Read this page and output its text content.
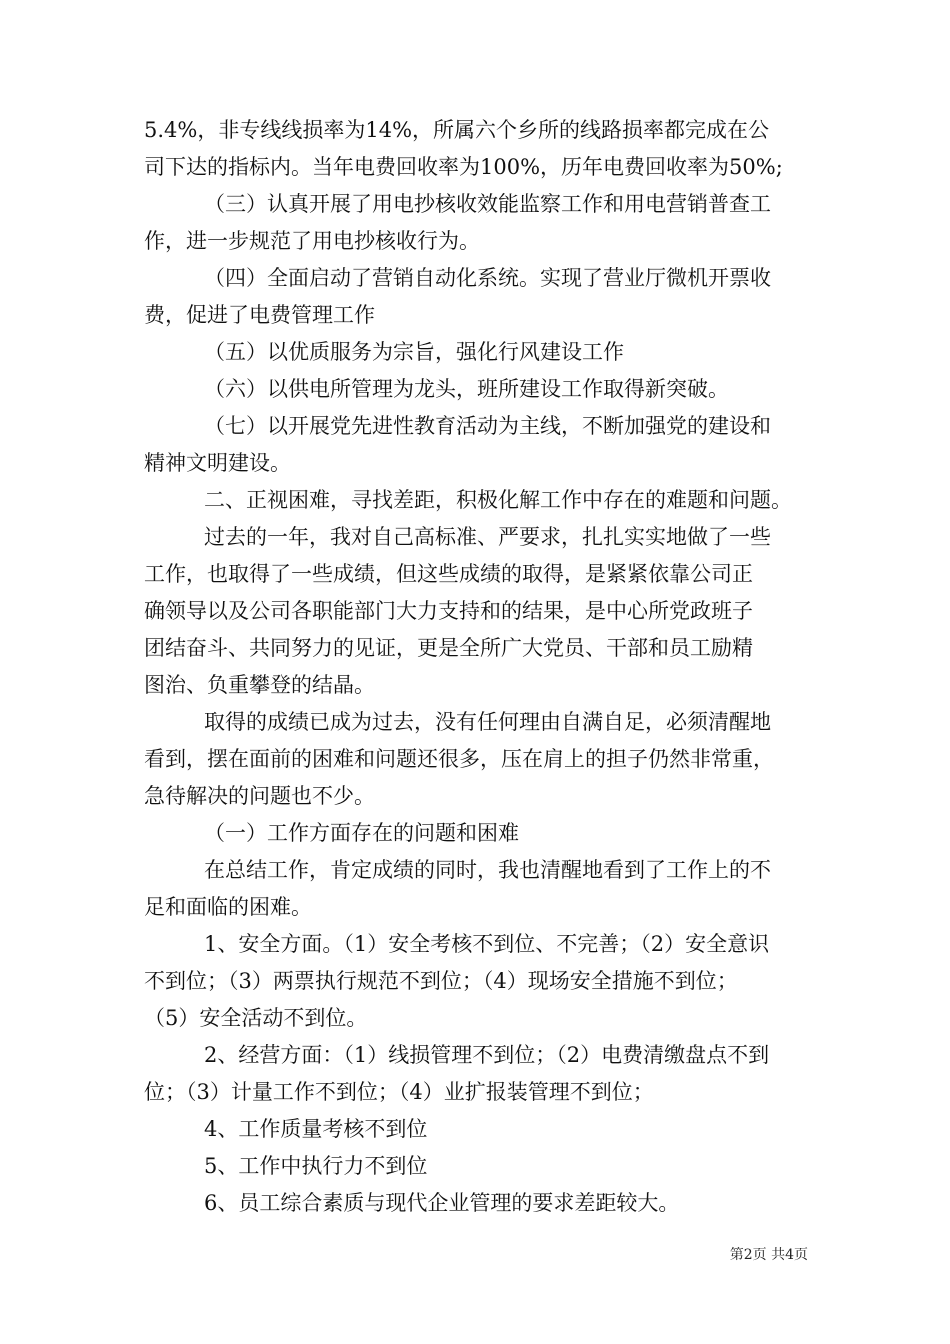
5.4%，非专线线损率为14%，所属六个乡所的线路损率都完成在公
司下达的指标内。当年电费回收率为100%，历年电费回收率为50%;
（三）认真开展了用电抄核收效能监察工作和用电营销普查工
作，进一步规范了用电抄核收行为。
（四）全面启动了营销自动化系统。实现了营业厅微机开票收
费，促进了电费管理工作
（五）以优质服务为宗旨，强化行风建设工作
（六）以供电所管理为龙头，班所建设工作取得新突破。
（七）以开展党先进性教育活动为主线，不断加强党的建设和
精神文明建设。
二、正视困难，寻找差距，积极化解工作中存在的难题和问题。
过去的一年，我对自己高标准、严要求，扎扎实实地做了一些
工作，也取得了一些成绩，但这些成绩的取得，是紧紧依靠公司正
确领导以及公司各职能部门大力支持和的结果，是中心所党政班子
团结奋斗、共同努力的见证，更是全所广大党员、干部和员工励精
图治、负重攀登的结晶。
取得的成绩已成为过去，没有任何理由自满自足，必须清醒地
看到，摆在面前的困难和问题还很多，压在肩上的担子仍然非常重，
急待解决的问题也不少。
（一）工作方面存在的问题和困难
在总结工作，肯定成绩的同时，我也清醒地看到了工作上的不
足和面临的困难。
1、安全方面。（1）安全考核不到位、不完善；（2）安全意识
不到位；（3）两票执行规范不到位；（4）现场安全措施不到位；
（5）安全活动不到位。
2、经营方面：（1）线损管理不到位；（2）电费清缴盘点不到
位；（3）计量工作不到位；（4）业扩报装管理不到位；
4、工作质量考核不到位
5、工作中执行力不到位
6、员工综合素质与现代企业管理的要求差距较大。
第2页 共4页
